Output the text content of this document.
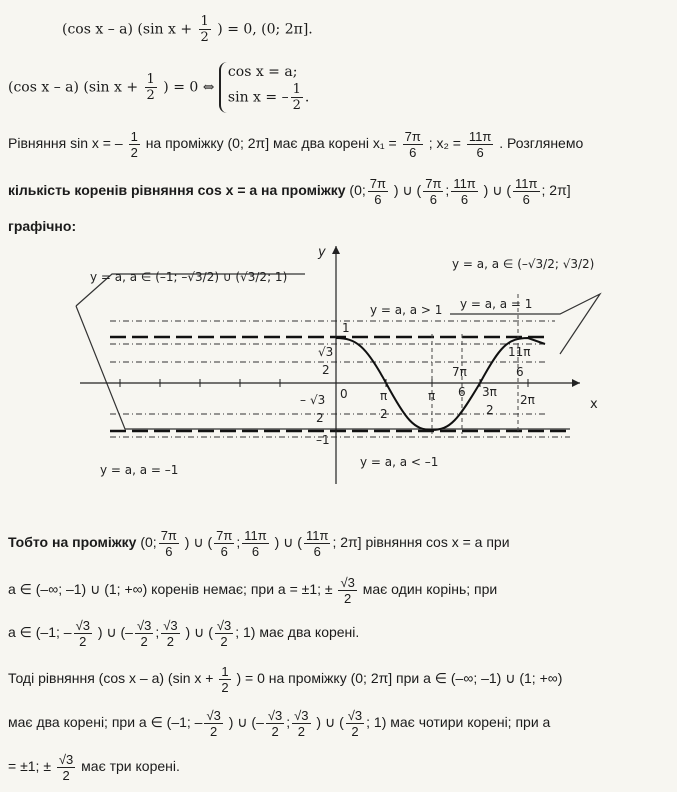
(cos x – a) (sin $x + \frac{1}{2}$ ) = 0, (0; 2π].
(cos x – a) (sin $x + \frac{1}{2}$ ) = 0 ⇔
cos x = a;
sin x = – $\frac{1}{2}$ .
Рівняння sin x = – $\frac{1}{2}$ на проміжку (0; 2π] має два корені $x_1 = \frac{7\pi}{6}$ ; $x_2 = \frac{11\pi}{6}$ . Розглянемо
кількість коренів рівняння cos x = a на проміжку (0; $\frac{7\pi}{6}$ ) ∪ ( $\frac{7\pi}{6}$ ; $\frac{11\pi}{6}$ ) ∪ ( $\frac{11\pi}{6}$ ; 2π]
графічно:
y = a, a ∈ (–1; –√3/2) ∪ (√3/2; 1)
y = a, a ∈ (–√3/2; √3/2)
y = a, a > 1 y = a, a = 1
y = a, a = –1
y = a, a < –1
y
x
0
1
–1
√3
2
– √3
2
π
2
π
7π
6 3π
2
11π
6
2π
Тобто на проміжку (0; $\frac{7\pi}{6}$ ) ∪ ( $\frac{7\pi}{6}$ ; $\frac{11\pi}{6}$ ) ∪ ( $\frac{11\pi}{6}$ ; 2π] рівняння cos x = a при
a ∈ (–∞; –1) ∪ (1; +∞) коренів немає; при a = ±1; ± $\frac{√3}{2}$ має один корінь; при
a ∈ (–1; – $\frac{√3}{2}$ ) ∪ (– $\frac{√3}{2}$ ; $\frac{√3}{2}$ ) ∪ ( $\frac{√3}{2}$ ; 1) має два корені.
Тоді рівняння (cos x – a) (sin $x + \frac{1}{2}$ ) = 0 на проміжку (0; 2π] при a ∈ (–∞; –1) ∪ (1; +∞)
має два корені; при a ∈ (–1; – $\frac{√3}{2}$ ) ∪ (– $\frac{√3}{2}$ ; $\frac{√3}{2}$ ) ∪ ( $\frac{√3}{2}$ ; 1) має чотири корені; при a
= ±1; ± $\frac{√3}{2}$ має три корені.
